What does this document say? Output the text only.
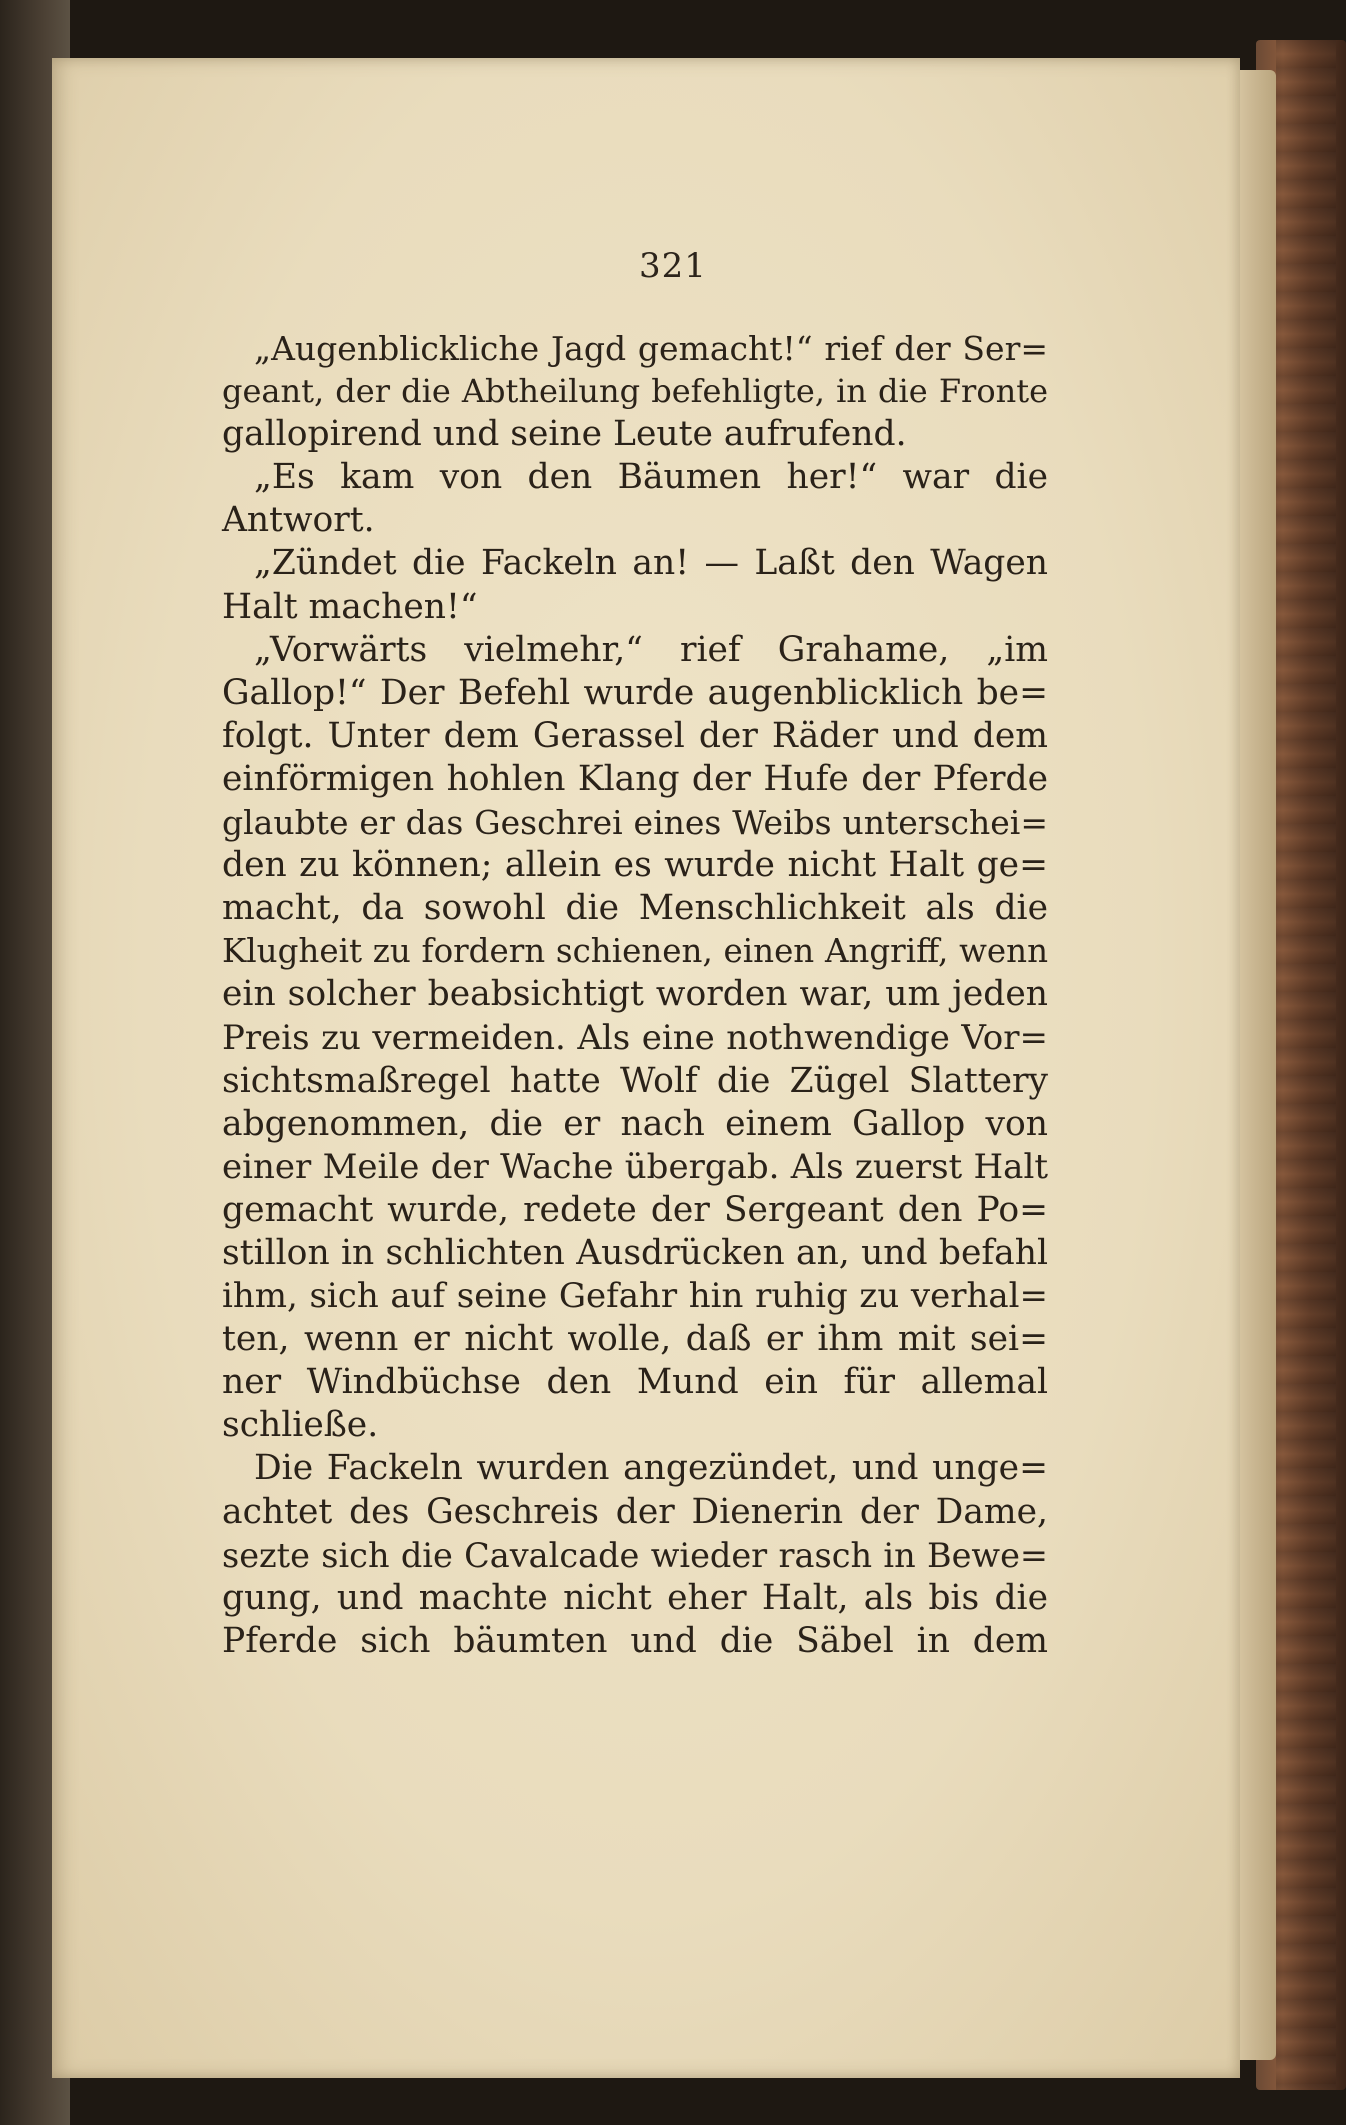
321
„Augenblickliche Jagd gemacht!“ rief der Ser=
geant, der die Abtheilung befehligte, in die Fronte
gallopirend und seine Leute aufrufend.
„Es kam von den Bäumen her!“ war die
Antwort.
„Zündet die Fackeln an! — Laßt den Wagen
Halt machen!“
„Vorwärts vielmehr,“ rief Grahame, „im
Gallop!“ Der Befehl wurde augenblicklich be=
folgt. Unter dem Gerassel der Räder und dem
einförmigen hohlen Klang der Hufe der Pferde
glaubte er das Geschrei eines Weibs unterschei=
den zu können; allein es wurde nicht Halt ge=
macht, da sowohl die Menschlichkeit als die
Klugheit zu fordern schienen, einen Angriff, wenn
ein solcher beabsichtigt worden war, um jeden
Preis zu vermeiden. Als eine nothwendige Vor=
sichtsmaßregel hatte Wolf die Zügel Slattery
abgenommen, die er nach einem Gallop von
einer Meile der Wache übergab. Als zuerst Halt
gemacht wurde, redete der Sergeant den Po=
stillon in schlichten Ausdrücken an, und befahl
ihm, sich auf seine Gefahr hin ruhig zu verhal=
ten, wenn er nicht wolle, daß er ihm mit sei=
ner Windbüchse den Mund ein für allemal
schließe.
Die Fackeln wurden angezündet, und unge=
achtet des Geschreis der Dienerin der Dame,
sezte sich die Cavalcade wieder rasch in Bewe=
gung, und machte nicht eher Halt, als bis die
Pferde sich bäumten und die Säbel in dem
